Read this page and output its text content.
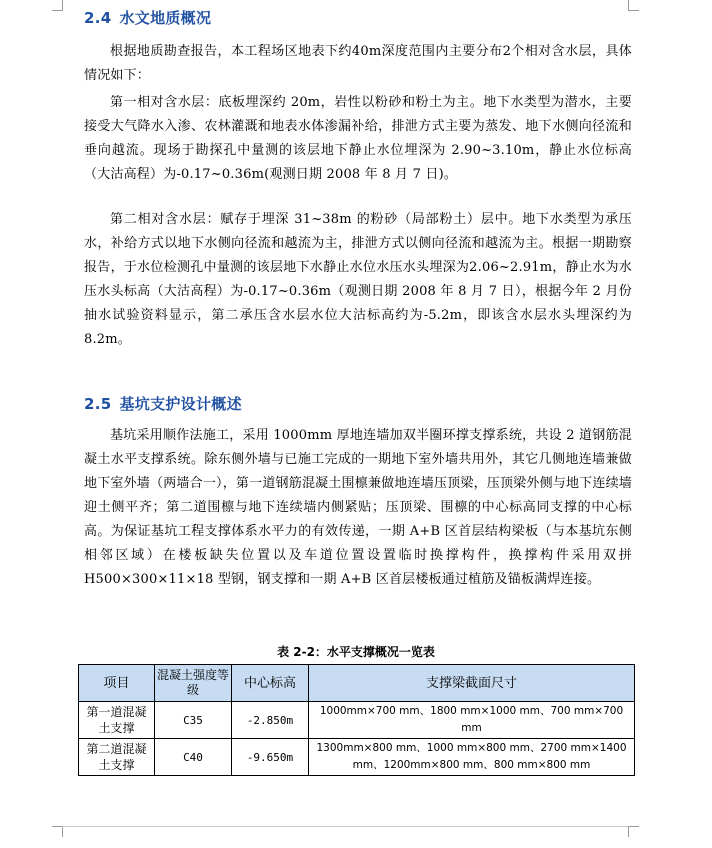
2.4 水文地质概况

根据地质勘查报告，本工程场区地表下约40m深度范围内主要分布2个相对含水层，具体情况如下：

第一相对含水层：底板埋深约 20m，岩性以粉砂和粉土为主。地下水类型为潜水，主要接受大气降水入渗、农林灌溉和地表水体渗漏补给，排泄方式主要为蒸发、地下水侧向径流和垂向越流。现场于勘探孔中量测的该层地下静止水位埋深为 2.90~3.10m，静止水位标高（大沽高程）为-0.17~0.36m(观测日期 2008 年 8 月 7 日)。

第二相对含水层：赋存于埋深 31~38m 的粉砂（局部粉土）层中。地下水类型为承压水，补给方式以地下水侧向径流和越流为主，排泄方式以侧向径流和越流为主。根据一期勘察报告，于水位检测孔中量测的该层地下水静止水位水压水头埋深为2.06~2.91m，静止水为水压水头标高（大沽高程）为-0.17~0.36m（观测日期 2008 年 8 月 7 日），根据今年 2 月份抽水试验资料显示，第二承压含水层水位大沽标高约为-5.2m，即该含水层水头埋深约为 8.2m。

2.5 基坑支护设计概述

基坑采用顺作法施工，采用 1000mm 厚地连墙加双半圈环撑支撑系统，共设 2 道钢筋混凝土水平支撑系统。除东侧外墙与已施工完成的一期地下室外墙共用外，其它几侧地连墙兼做地下室外墙（两墙合一），第一道钢筋混凝土围檩兼做地连墙压顶梁，压顶梁外侧与地下连续墙迎土侧平齐；第二道围檩与地下连续墙内侧紧贴；压顶梁、围檩的中心标高同支撑的中心标高。为保证基坑工程支撑体系水平力的有效传递，一期 A+B 区首层结构梁板（与本基坑东侧相邻区域）在楼板缺失位置以及车道位置设置临时换撑构件，换撑构件采用双拼 H500×300×11×18 型钢，钢支撑和一期 A+B 区首层楼板通过植筋及锚板满焊连接。

表 2-2：水平支撑概况一览表

项目	混凝土强度等级	中心标高	支撑梁截面尺寸
第一道混凝土支撑	C35	-2.850m	1000mm×700 mm、1800 mm×1000 mm、700 mm×700 mm
第二道混凝土支撑	C40	-9.650m	1300mm×800 mm、1000 mm×800 mm、2700 mm×1400 mm、1200mm×800 mm、800 mm×800 mm
